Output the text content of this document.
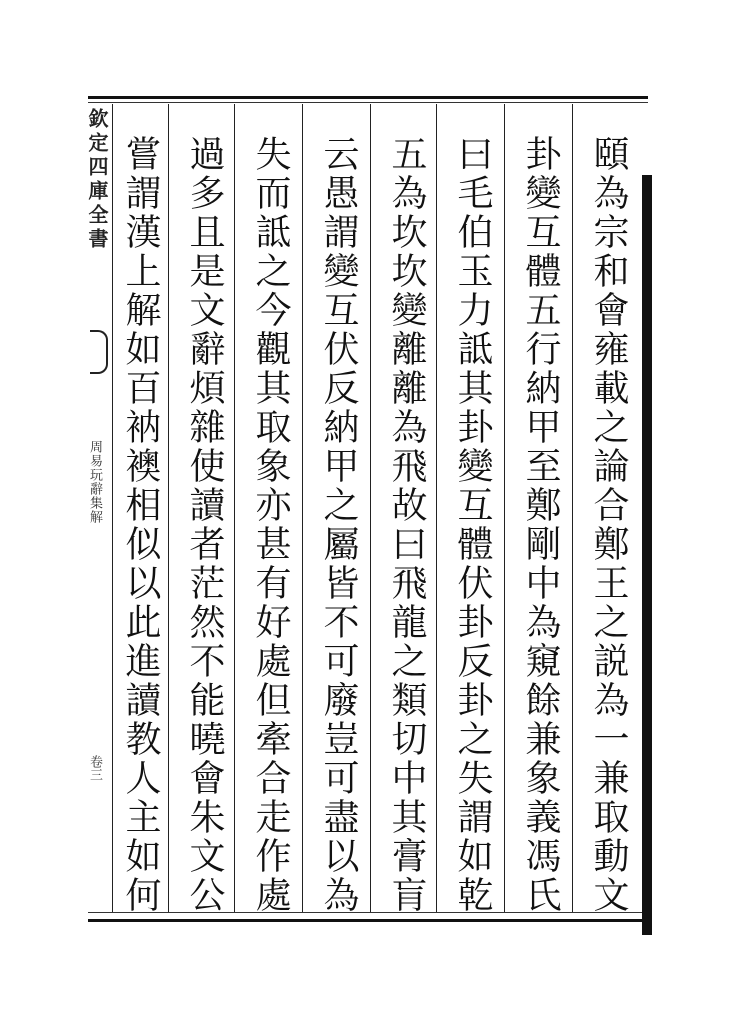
欽定四庫全書
周易玩辭集解
卷三	頤為宗和會雍載之論合鄭王之説為一兼取動文
卦變互體五行納甲至鄭剛中為窺餘兼象義馮氏
曰毛伯玉力詆其卦變互體伏卦反卦之失謂如乾
五為坎坎變離離為飛故曰飛龍之類切中其膏肓
云愚謂變互伏反納甲之屬皆不可廢豈可盡以為
失而詆之今觀其取象亦甚有好處但牽合走作處
過多且是文辭煩雜使讀者茫然不能曉會朱文公
嘗謂漢上解如百衲襖相似以此進讀教人主如何
